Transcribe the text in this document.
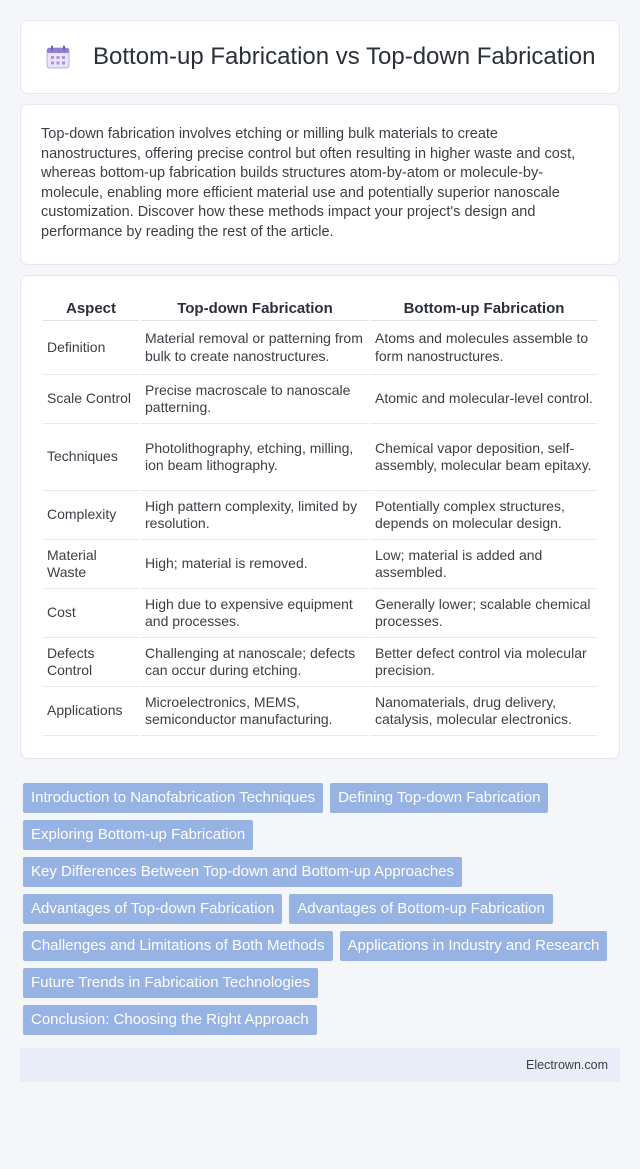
Bottom-up Fabrication vs Top-down Fabrication

Top-down fabrication involves etching or milling bulk materials to create nanostructures, offering precise control but often resulting in higher waste and cost, whereas bottom-up fabrication builds structures atom-by-atom or molecule-by-molecule, enabling more efficient material use and potentially superior nanoscale customization. Discover how these methods impact your project's design and performance by reading the rest of the article.

Aspect	Top-down Fabrication	Bottom-up Fabrication
Definition	Material removal or patterning from bulk to create nanostructures.	Atoms and molecules assemble to form nanostructures.
Scale Control	Precise macroscale to nanoscale patterning.	Atomic and molecular-level control.
Techniques	Photolithography, etching, milling, ion beam lithography.	Chemical vapor deposition, self-assembly, molecular beam epitaxy.
Complexity	High pattern complexity, limited by resolution.	Potentially complex structures, depends on molecular design.
Material Waste	High; material is removed.	Low; material is added and assembled.
Cost	High due to expensive equipment and processes.	Generally lower; scalable chemical processes.
Defects Control	Challenging at nanoscale; defects can occur during etching.	Better defect control via molecular precision.
Applications	Microelectronics, MEMS, semiconductor manufacturing.	Nanomaterials, drug delivery, catalysis, molecular electronics.
Introduction to Nanofabrication Techniques	Defining Top-down Fabrication
Exploring Bottom-up Fabrication
Key Differences Between Top-down and Bottom-up Approaches
Advantages of Top-down Fabrication	Advantages of Bottom-up Fabrication
Challenges and Limitations of Both Methods	Applications in Industry and Research
Future Trends in Fabrication Technologies
Conclusion: Choosing the Right Approach
Electrown.com
